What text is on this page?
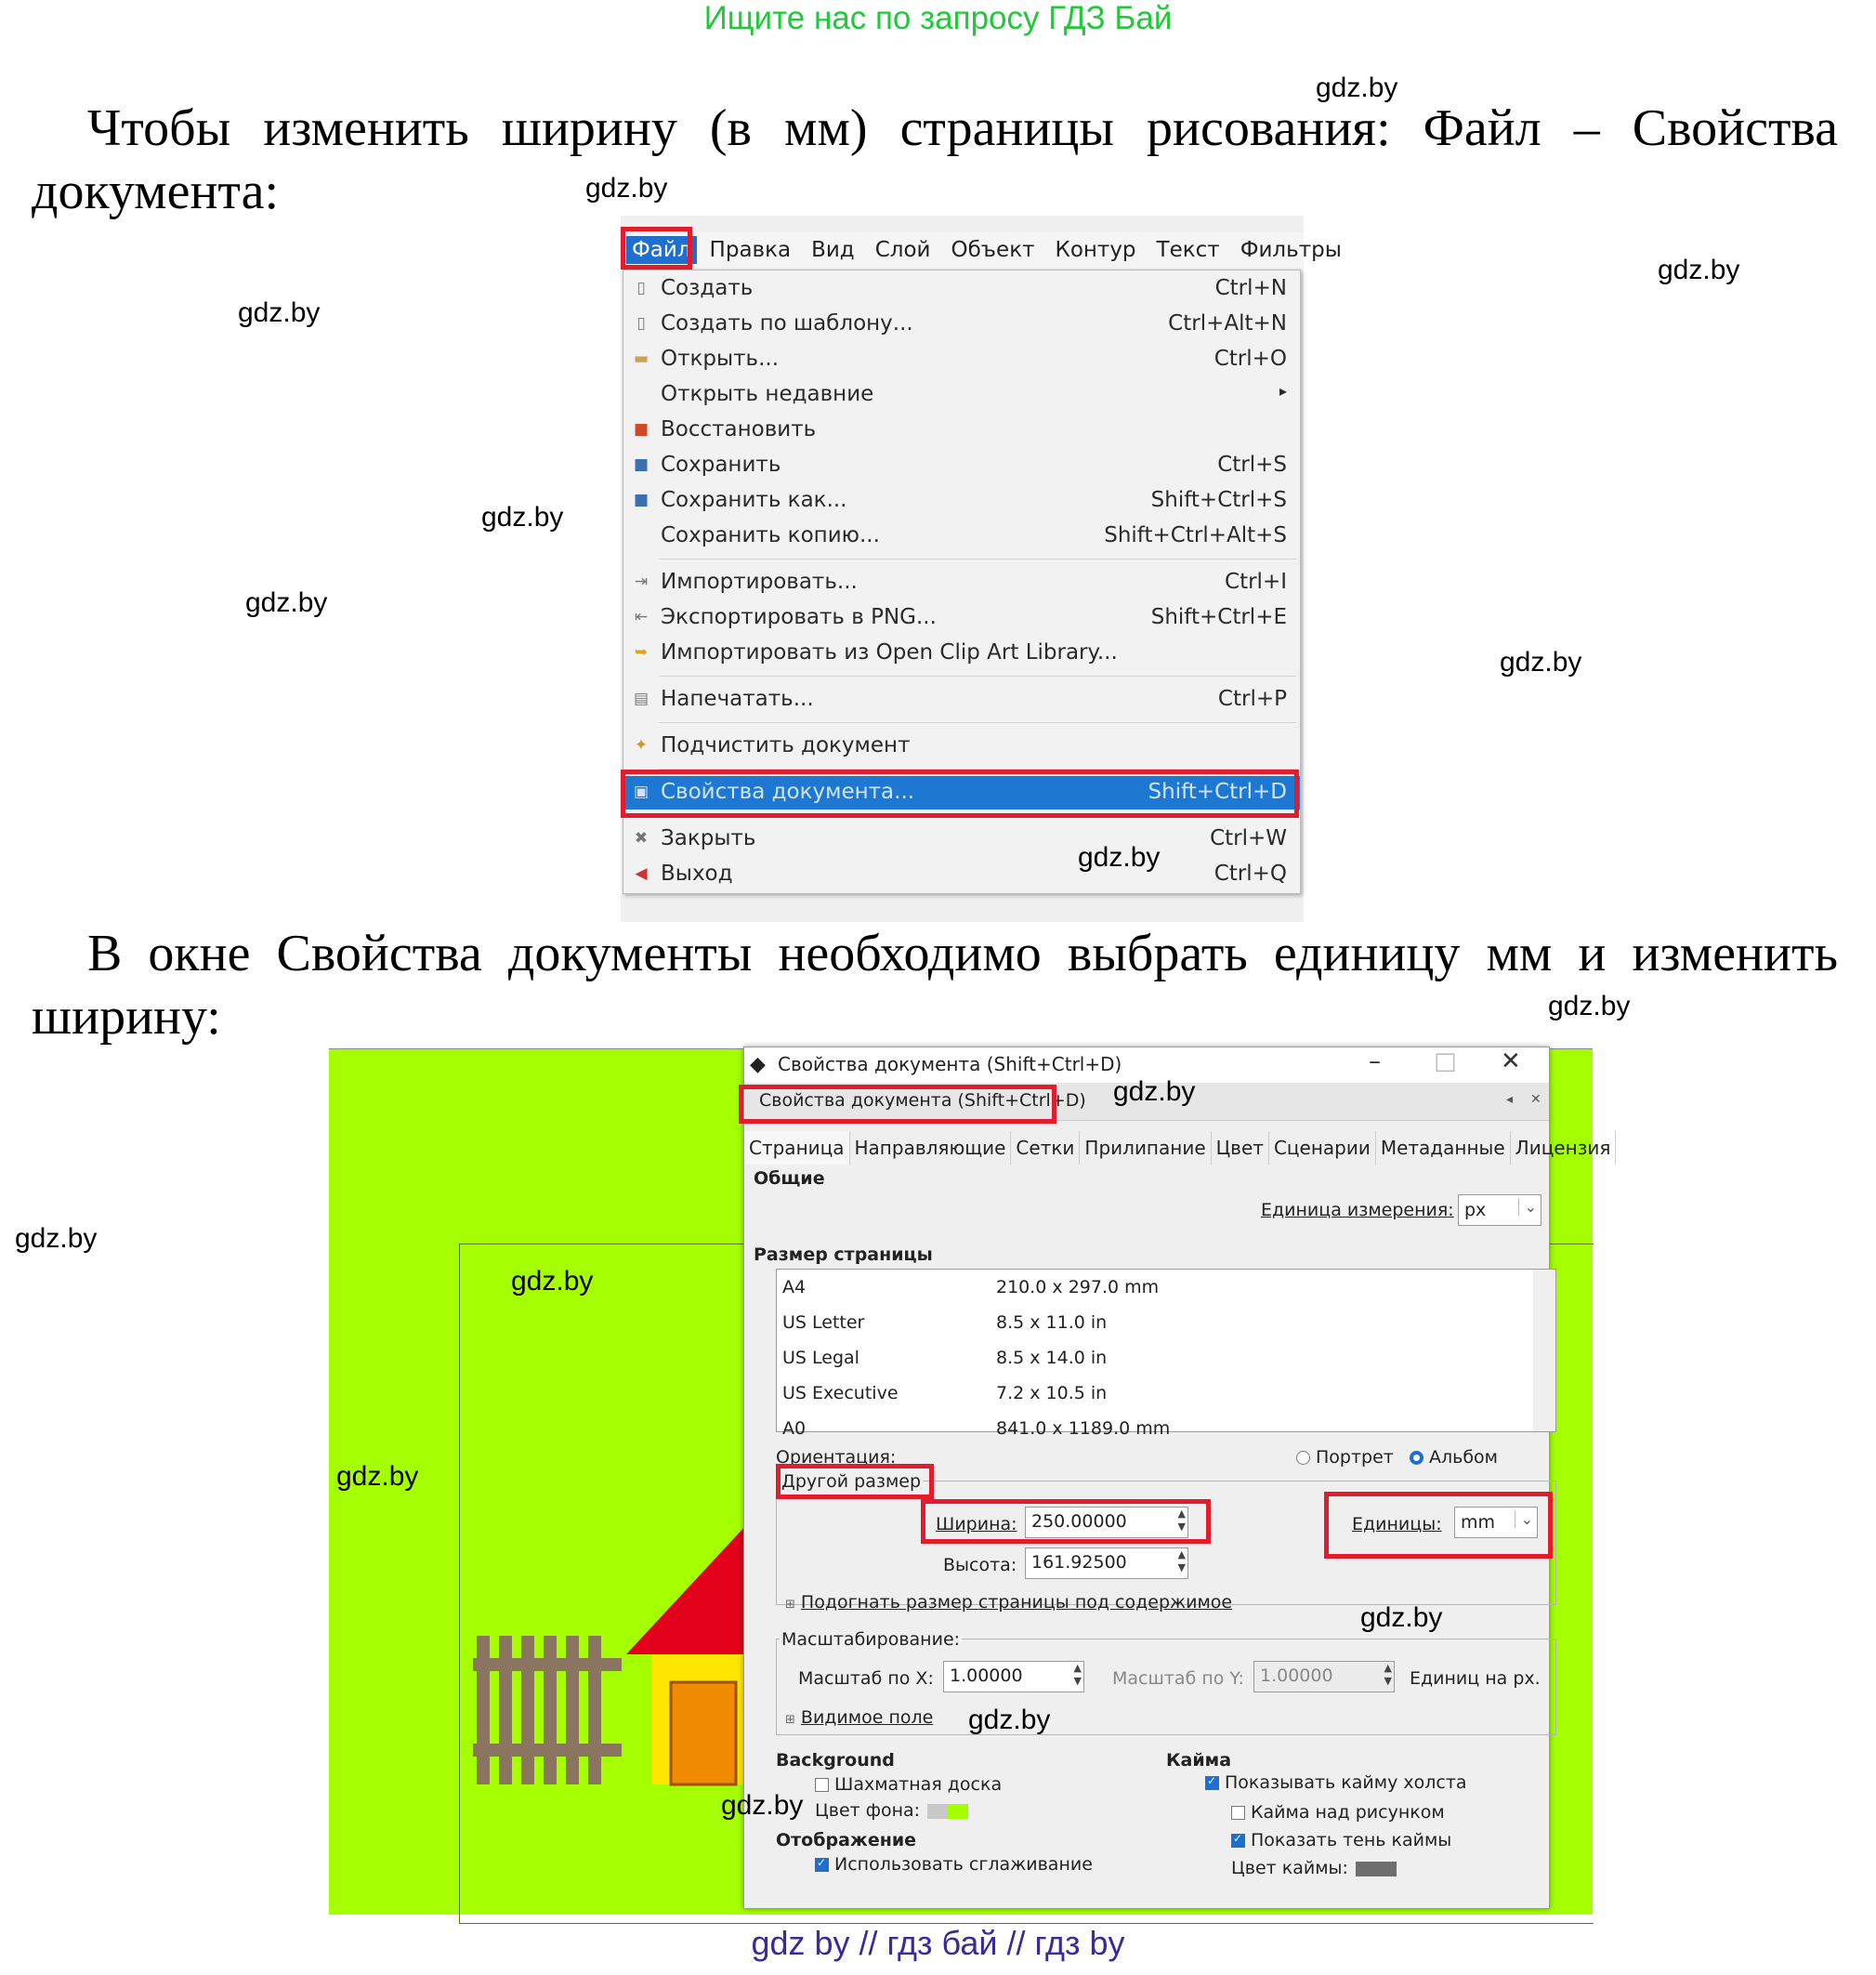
Ищите нас по запросу ГДЗ Бай
Чтобы изменить ширину (в мм) страницы рисования: Файл – Свойства документа:
gdz.by
gdz.by
gdz.by
gdz.by
gdz.by
gdz.by
gdz.by
Файл Правка Вид Слой Объект Контур Текст Фильтры
▯ Создать	Ctrl+N
▯ Создать по шаблону...	Ctrl+Alt+N
▬ Открыть...	Ctrl+O
Открыть недавние	▸
■ Восстановить
■ Сохранить	Ctrl+S
■ Сохранить как...	Shift+Ctrl+S
Сохранить копию...	Shift+Ctrl+Alt+S
⇥ Импортировать...	Ctrl+I
⇤ Экспортировать в PNG...	Shift+Ctrl+E
➥ Импортировать из Open Clip Art Library...
▤ Напечатать...	Ctrl+P
✦ Подчистить документ
▣ Свойства документа...	Shift+Ctrl+D
✖ Закрыть	Ctrl+W
◀ Выход	Ctrl+Q
gdz.by
В окне Свойства документы необходимо выбрать единицу мм и изменить ширину:	gdz.by
gdz.by
◆ Свойства документа (Shift+Ctrl+D)	– □ ✕
Свойства документа (Shift+Ctrl+D)	◂ ✕
Страница Направляющие Сетки Прилипание Цвет Сценарии Метаданные Лицензия
Общие
Единица измерения: px	⌄
Размер страницы
A4	210.0 x 297.0 mm
US Letter	8.5 x 11.0 in
US Legal	8.5 x 14.0 in
US Executive	7.2 x 10.5 in
A0	841.0 x 1189.0 mm
Ориентация:	Портрет	Альбом
Другой размер
Ширина: 250.00000	▲
▼
Высота: 161.92500	▲
▼
Единицы:	mm	⌄
⊞ Подогнать размер страницы под содержимое
Масштабирование:
Масштаб по X: 1.00000	▲
▼ Масштаб по Y: 1.00000	▲
▼ Единиц на px.
⊞ Видимое поле
Background
Шахматная доска
Цвет фона:
Отображение
✓Использовать сглаживание
Кайма
✓Показывать кайму холста
Кайма над рисунком
✓Показать тень каймы
Цвет каймы:
gdz.by
gdz.by
gdz.by
gdz.by
gdz.by
gdz.by
gdz by // гдз бай // гдз by
